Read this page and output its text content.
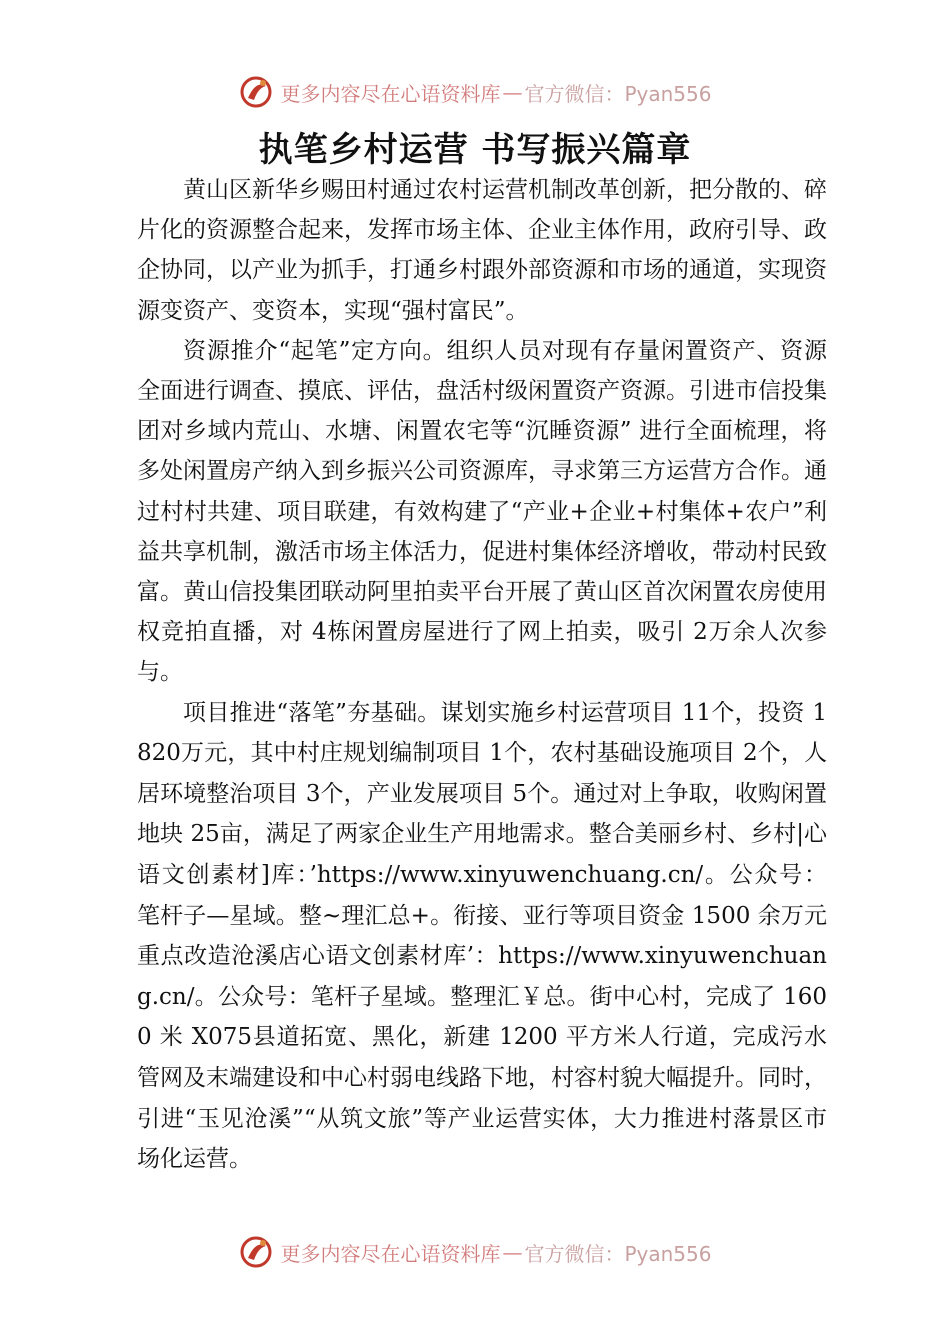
更多内容尽在心语资料库 — 官方微信：Pyan556
执笔乡村运营 书写振兴篇章

黄山区新华乡赐田村通过农村运营机制改革创新，把分散的、碎片化的资源整合起来，发挥市场主体、企业主体作用，政府引导、政企协同，以产业为抓手，打通乡村跟外部资源和市场的通道，实现资源变资产、变资本，实现“强村富民”。

资源推介“起笔”定方向。组织人员对现有存量闲置资产、资源全面进行调查、摸底、评估，盘活村级闲置资产资源。引进市信投集团对乡域内荒山、水塘、闲置农宅等“沉睡资源” 进行全面梳理，将多处闲置房产纳入到乡振兴公司资源库，寻求第三方运营方合作。通过村村共建、项目联建，有效构建了“产业+企业+村集体+农户”利益共享机制，激活市场主体活力，促进村集体经济增收，带动村民致富。黄山信投集团联动阿里拍卖平台开展了黄山区首次闲置农房使用权竞拍直播，对 4栋闲置房屋进行了网上拍卖，吸引 2万余人次参与。

项目推进“落笔”夯基础。谋划实施乡村运营项目 11个，投资 1820万元，其中村庄规划编制项目 1个，农村基础设施项目 2个，人居环境整治项目 3个，产业发展项目 5个。通过对上争取，收购闲置地块 25亩，满足了两家企业生产用地需求。整合美丽乡村、乡村|心语文创素材]库：’https://www.xinyuwenchuang.cn/。公众号：笔杆子—星域。整~理汇总+。衔接、亚行等项目资金 1500 余万元重点改造沧溪店心语文创素材库’：https://www.xinyuwenchuang.cn/。公众号：笔杆子星域。整理汇￥总。街中心村，完成了 1600 米 X075县道拓宽、黑化，新建 1200 平方米人行道，完成污水管网及末端建设和中心村弱电线路下地，村容村貌大幅提升。同时，引进“玉见沧溪”“从筑文旅”等产业运营实体，大力推进村落景区市场化运营。

更多内容尽在心语资料库 — 官方微信：Pyan556
